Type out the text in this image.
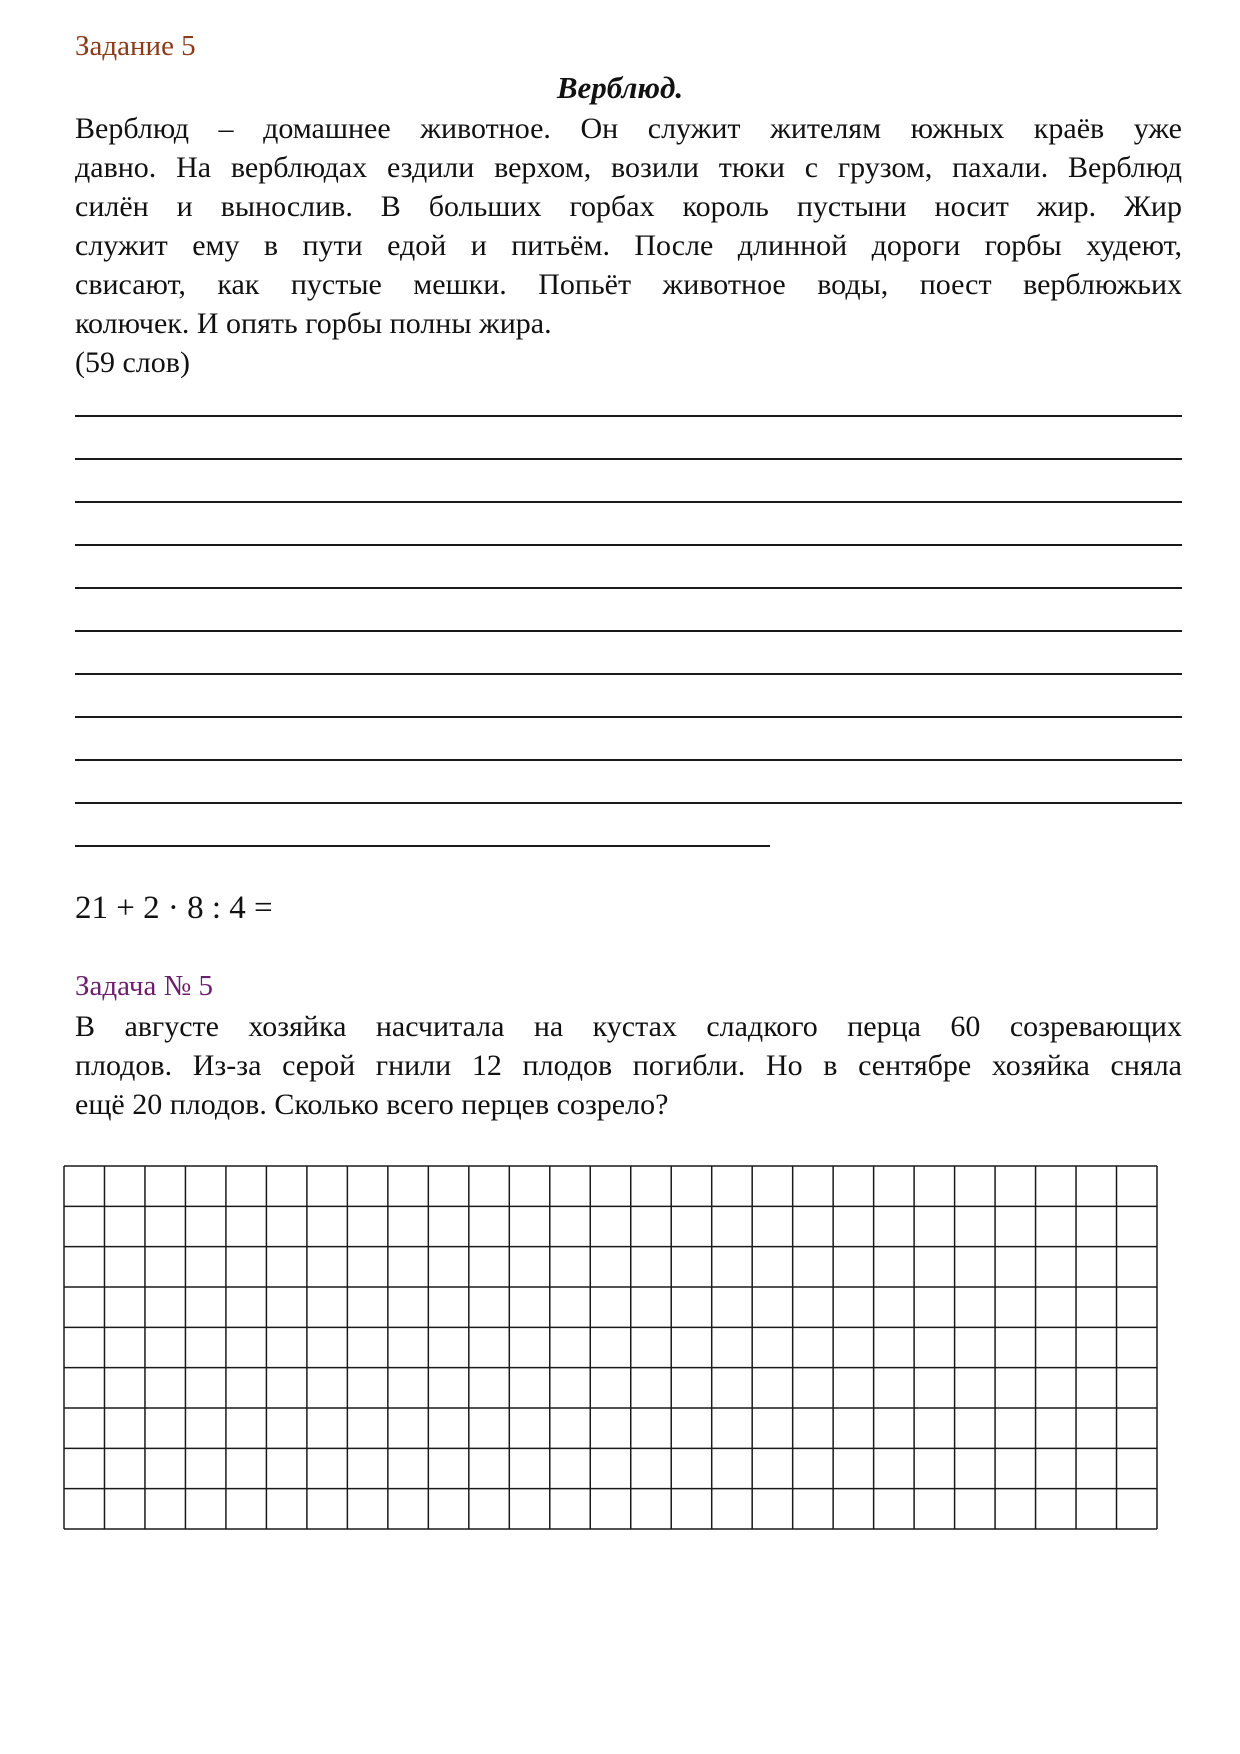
Задание 5
Верблюд.
Верблюд – домашнее животное. Он служит жителям южных краёв уже
давно. На верблюдах ездили верхом, возили тюки с грузом, пахали. Верблюд
силён и вынослив. В больших горбах король пустыни носит жир. Жир
служит ему в пути едой и питьём. После длинной дороги горбы худеют,
свисают, как пустые мешки. Попьёт животное воды, поест верблюжьих
колючек. И опять горбы полны жира.
(59 слов)
21 + 2 · 8 : 4 =
Задача № 5
В августе хозяйка насчитала на кустах сладкого перца 60 созревающих
плодов. Из-за серой гнили 12 плодов погибли. Но в сентябре хозяйка сняла
ещё 20 плодов. Сколько всего перцев созрело?
